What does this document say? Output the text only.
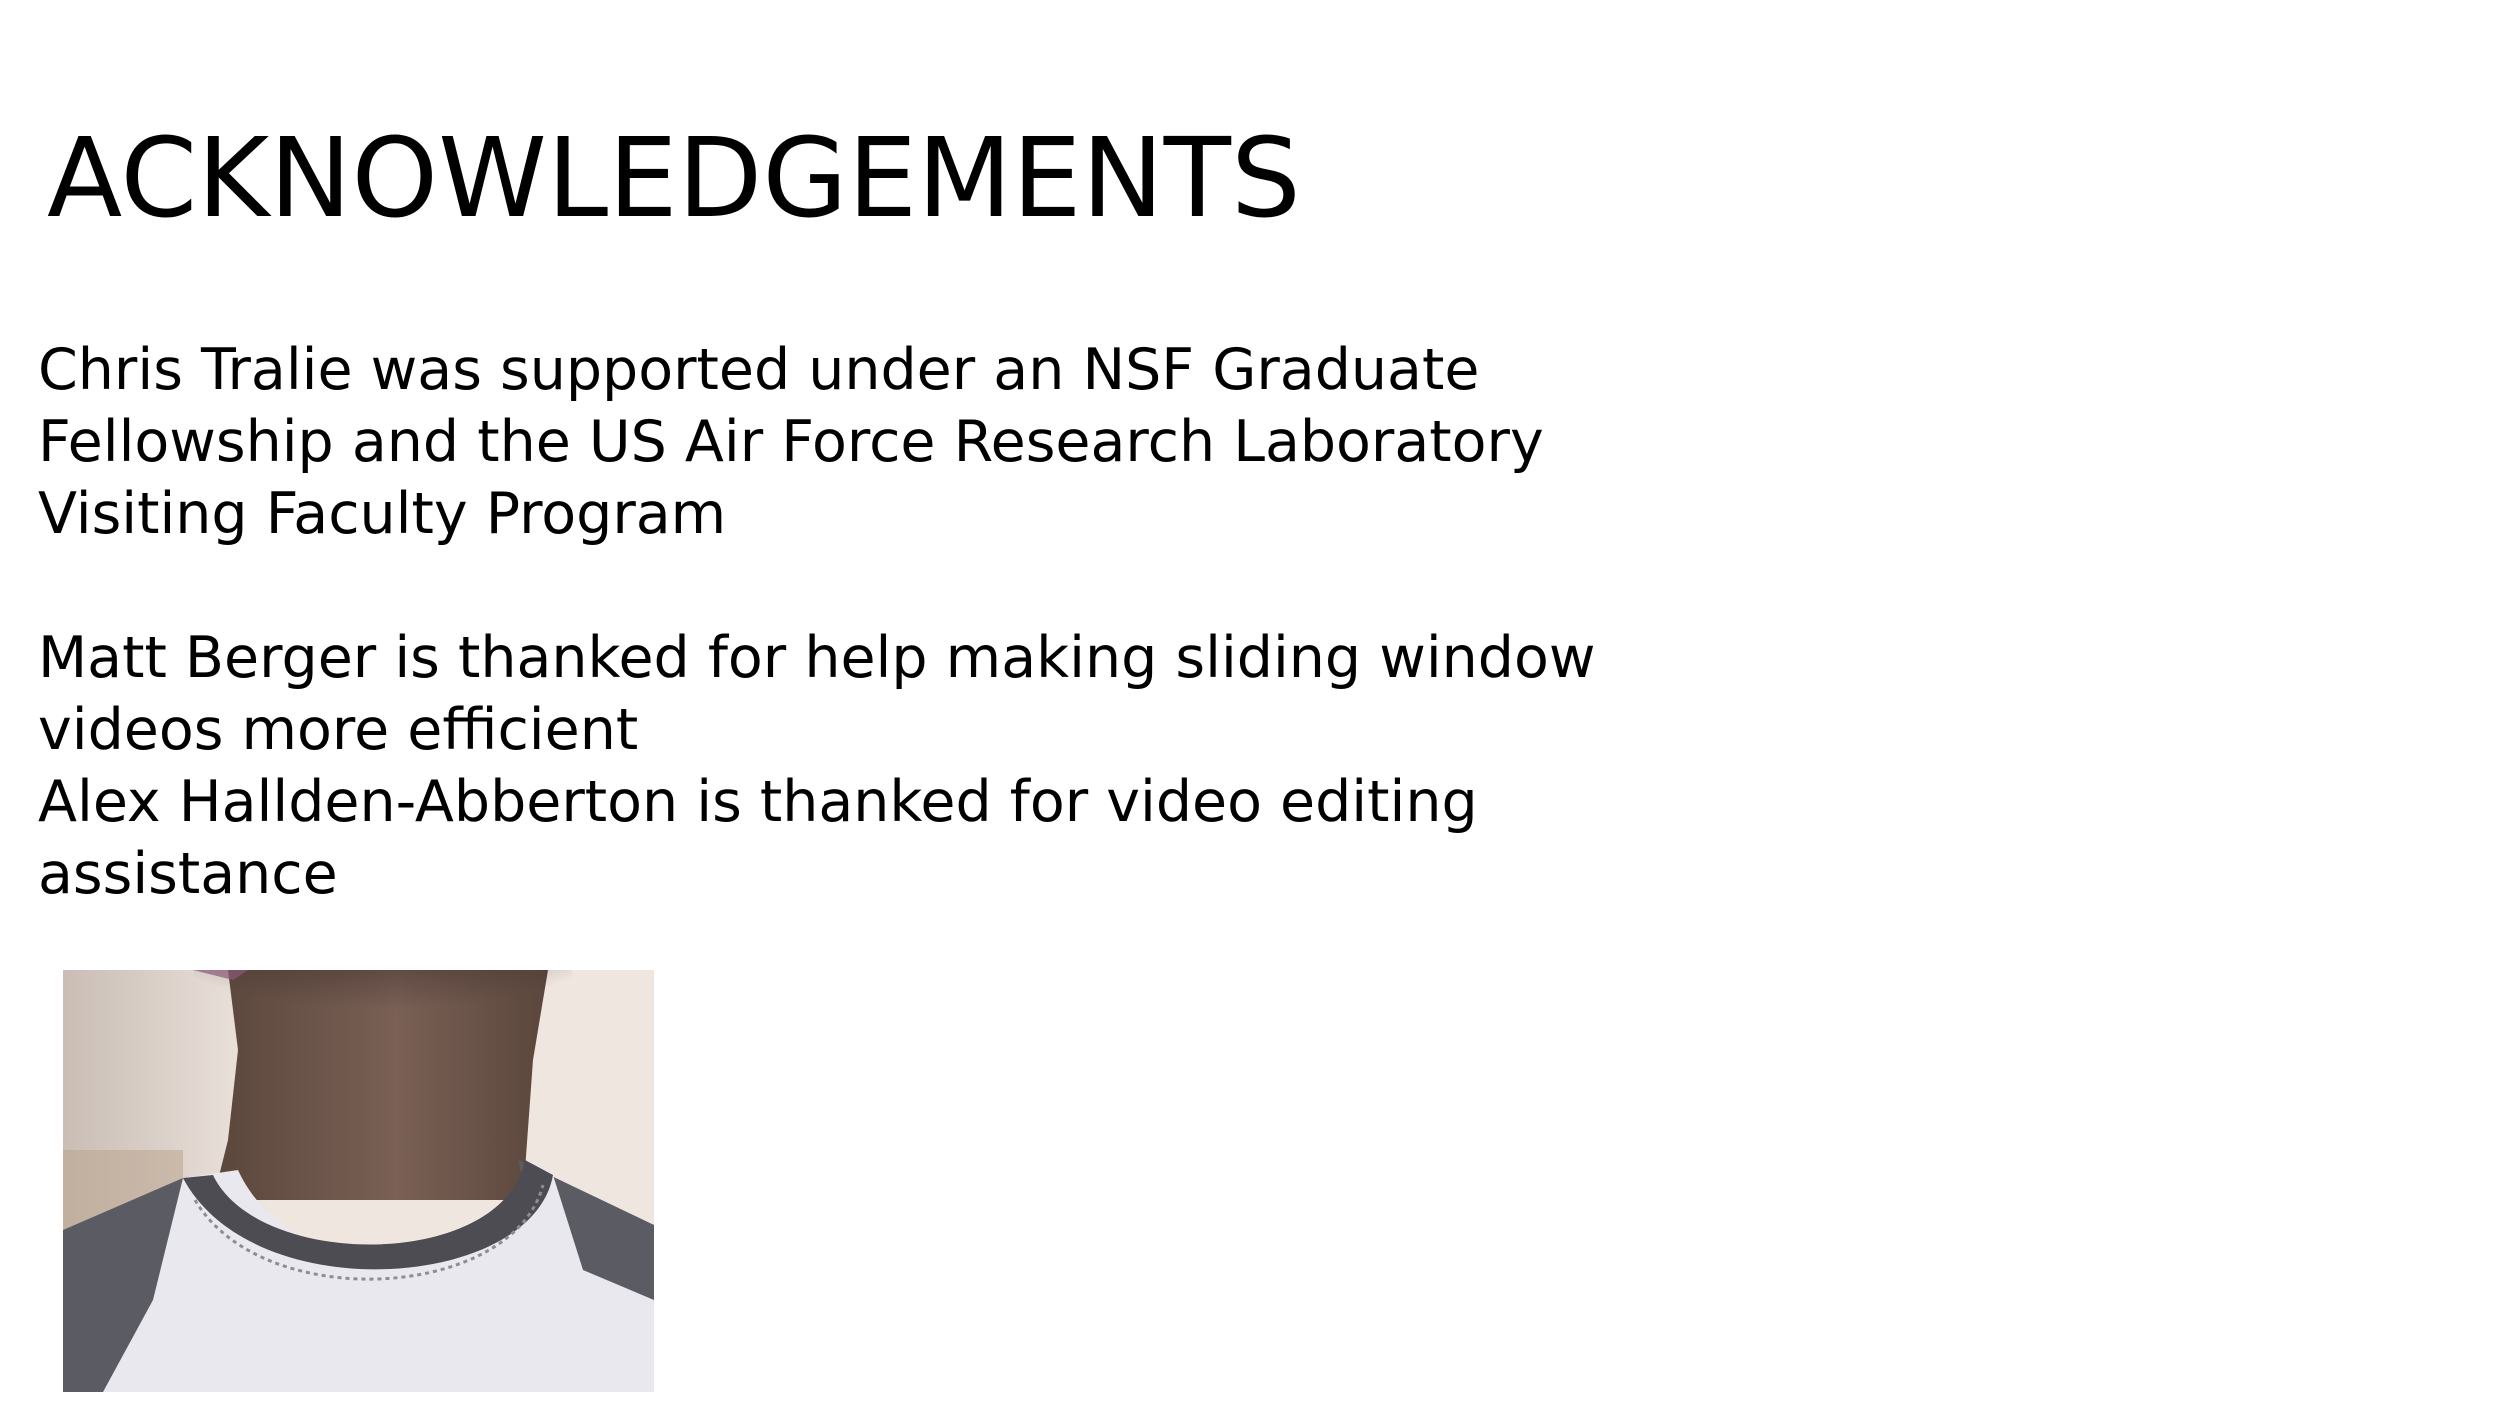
ACKNOWLEDGEMENTS
Chris Tralie was supported under an NSF Graduate
Fellowship and the US Air Force Research Laboratory
Visiting Faculty Program
Matt Berger is thanked for help making sliding window
videos more efficient
Alex Hallden-Abberton is thanked for video editing
assistance
